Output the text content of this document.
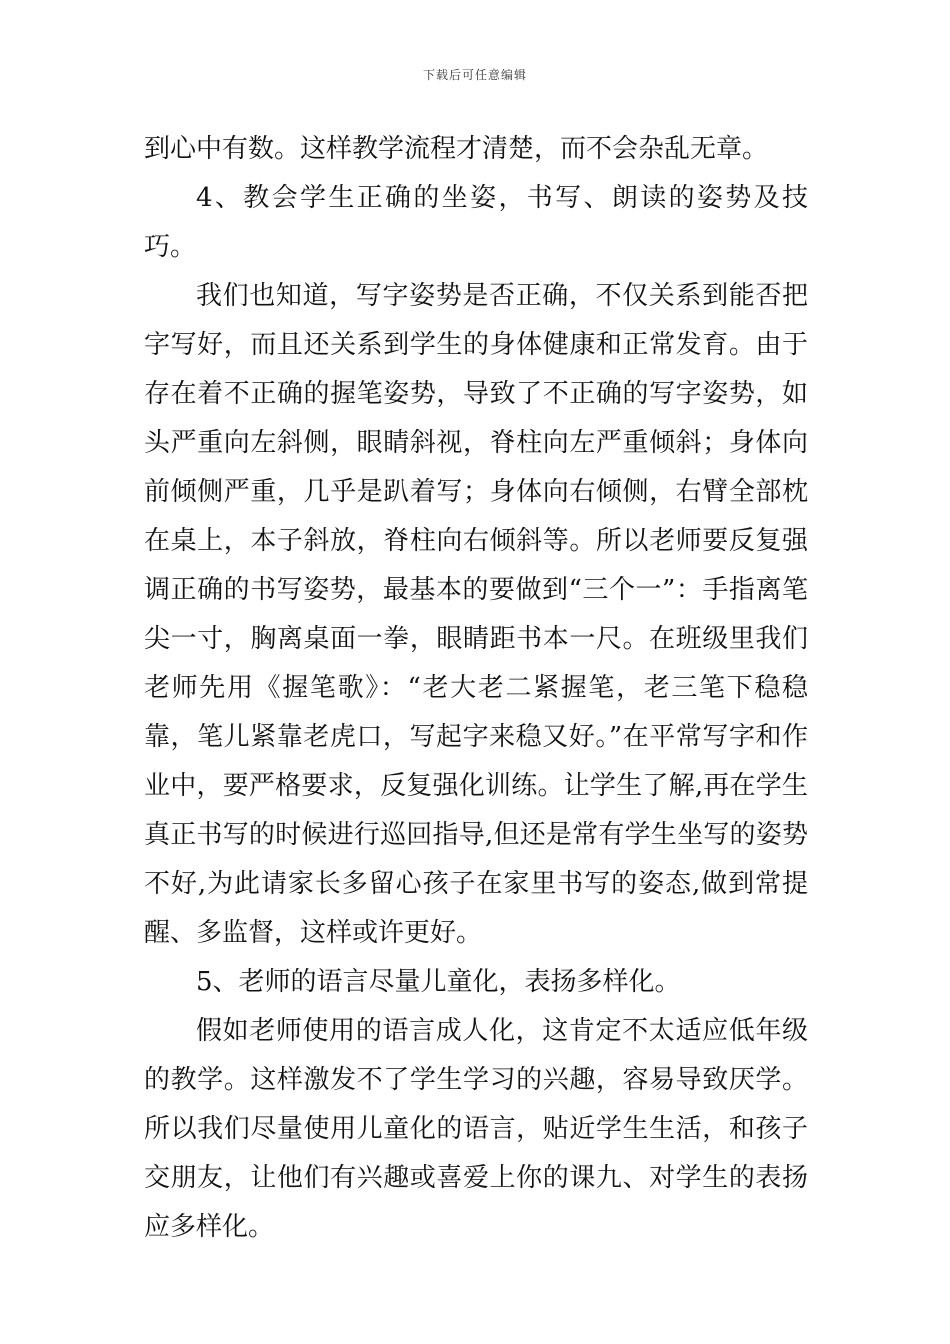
下载后可任意编辑

到心中有数。这样教学流程才清楚，而不会杂乱无章。

4、教会学生正确的坐姿，书写、朗读的姿势及技巧。

我们也知道，写字姿势是否正确，不仅关系到能否把字写好，而且还关系到学生的身体健康和正常发育。由于存在着不正确的握笔姿势，导致了不正确的写字姿势，如头严重向左斜侧，眼睛斜视，脊柱向左严重倾斜；身体向前倾侧严重，几乎是趴着写；身体向右倾侧，右臂全部枕在桌上，本子斜放，脊柱向右倾斜等。所以老师要反复强调正确的书写姿势，最基本的要做到“三个一”：手指离笔尖一寸，胸离桌面一拳，眼睛距书本一尺。在班级里我们老师先用《握笔歌》：“老大老二紧握笔，老三笔下稳稳靠，笔儿紧靠老虎口，写起字来稳又好。”在平常写字和作业中，要严格要求，反复强化训练。让学生了解,再在学生真正书写的时候进行巡回指导,但还是常有学生坐写的姿势不好,为此请家长多留心孩子在家里书写的姿态,做到常提醒、多监督，这样或许更好。

5、老师的语言尽量儿童化，表扬多样化。

假如老师使用的语言成人化，这肯定不太适应低年级的教学。这样激发不了学生学习的兴趣，容易导致厌学。所以我们尽量使用儿童化的语言，贴近学生生活，和孩子交朋友，让他们有兴趣或喜爱上你的课九、对学生的表扬应多样化。
